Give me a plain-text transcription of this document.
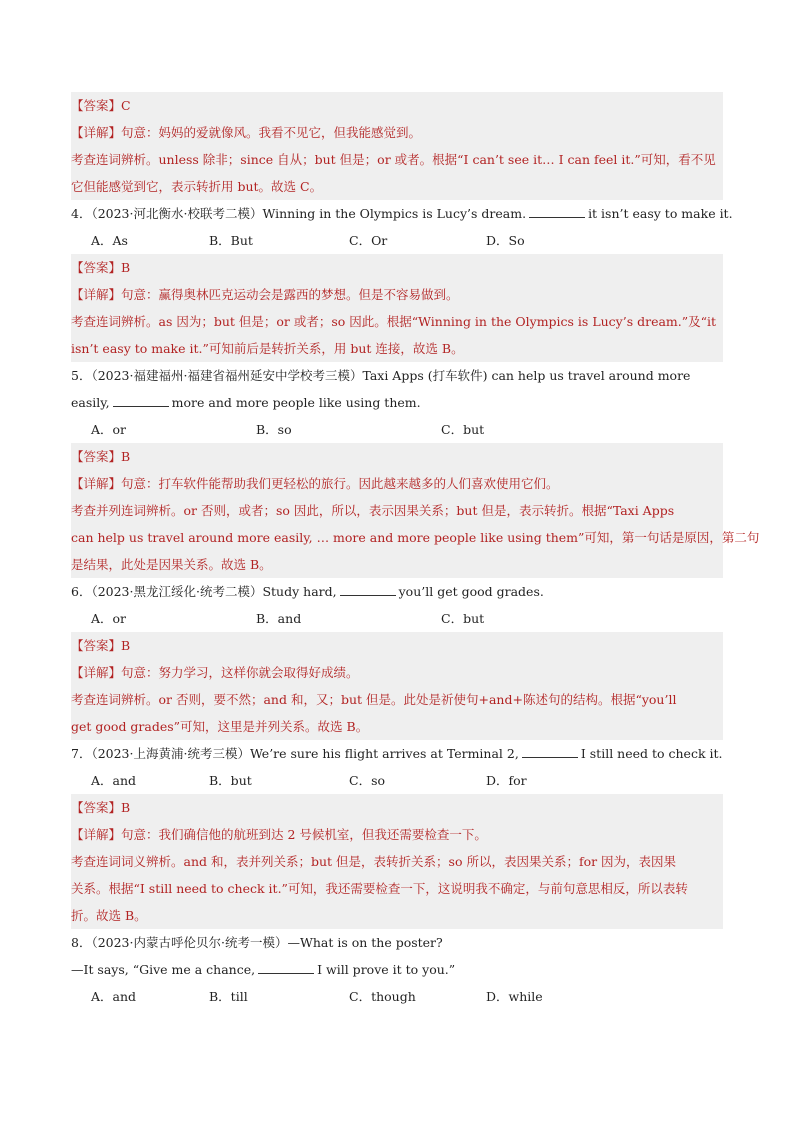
【答案】C
【详解】句意：妈妈的爱就像风。我看不见它，但我能感觉到。
考查连词辨析。unless 除非；since 自从；but 但是；or 或者。根据“I can’t see it… I can feel it.”可知，看不见
它但能感觉到它，表示转折用 but。故选 C。
4．（2023·河北衡水·校联考二模）Winning in the Olympics is Lucy’s dream.	it isn’t easy to make it.
A．As	B．But	C．Or	D．So
【答案】B
【详解】句意：赢得奥林匹克运动会是露西的梦想。但是不容易做到。
考查连词辨析。as 因为；but 但是；or 或者；so 因此。根据“Winning in the Olympics is Lucy’s dream.”及“it
isn’t easy to make it.”可知前后是转折关系，用 but 连接，故选 B。
5．（2023·福建福州·福建省福州延安中学校考三模）Taxi Apps (打车软件) can help us travel around more
easily,	more and more people like using them.
A．or	B．so	C．but
【答案】B
【详解】句意：打车软件能帮助我们更轻松的旅行。因此越来越多的人们喜欢使用它们。
考查并列连词辨析。or 否则，或者；so 因此，所以，表示因果关系；but 但是，表示转折。根据“Taxi Apps
can help us travel around more easily, … more and more people like using them”可知，第一句话是原因，第二句
是结果，此处是因果关系。故选 B。
6．（2023·黑龙江绥化·统考二模）Study hard,	you’ll get good grades.
A．or	B．and	C．but
【答案】B
【详解】句意：努力学习，这样你就会取得好成绩。
考查连词辨析。or 否则，要不然；and 和，又；but 但是。此处是祈使句+and+陈述句的结构。根据“you’ll
get good grades”可知，这里是并列关系。故选 B。
7．（2023·上海黄浦·统考三模）We’re sure his flight arrives at Terminal 2,	I still need to check it.
A．and	B．but	C．so	D．for
【答案】B
【详解】句意：我们确信他的航班到达 2 号候机室，但我还需要检查一下。
考查连词词义辨析。and 和，表并列关系；but 但是，表转折关系；so 所以，表因果关系；for 因为，表因果
关系。根据“I still need to check it.”可知，我还需要检查一下，这说明我不确定，与前句意思相反，所以表转
折。故选 B。
8．（2023·内蒙古呼伦贝尔·统考一模）—What is on the poster?
—It says, “Give me a chance,	I will prove it to you.”
A．and	B．till	C．though	D．while
